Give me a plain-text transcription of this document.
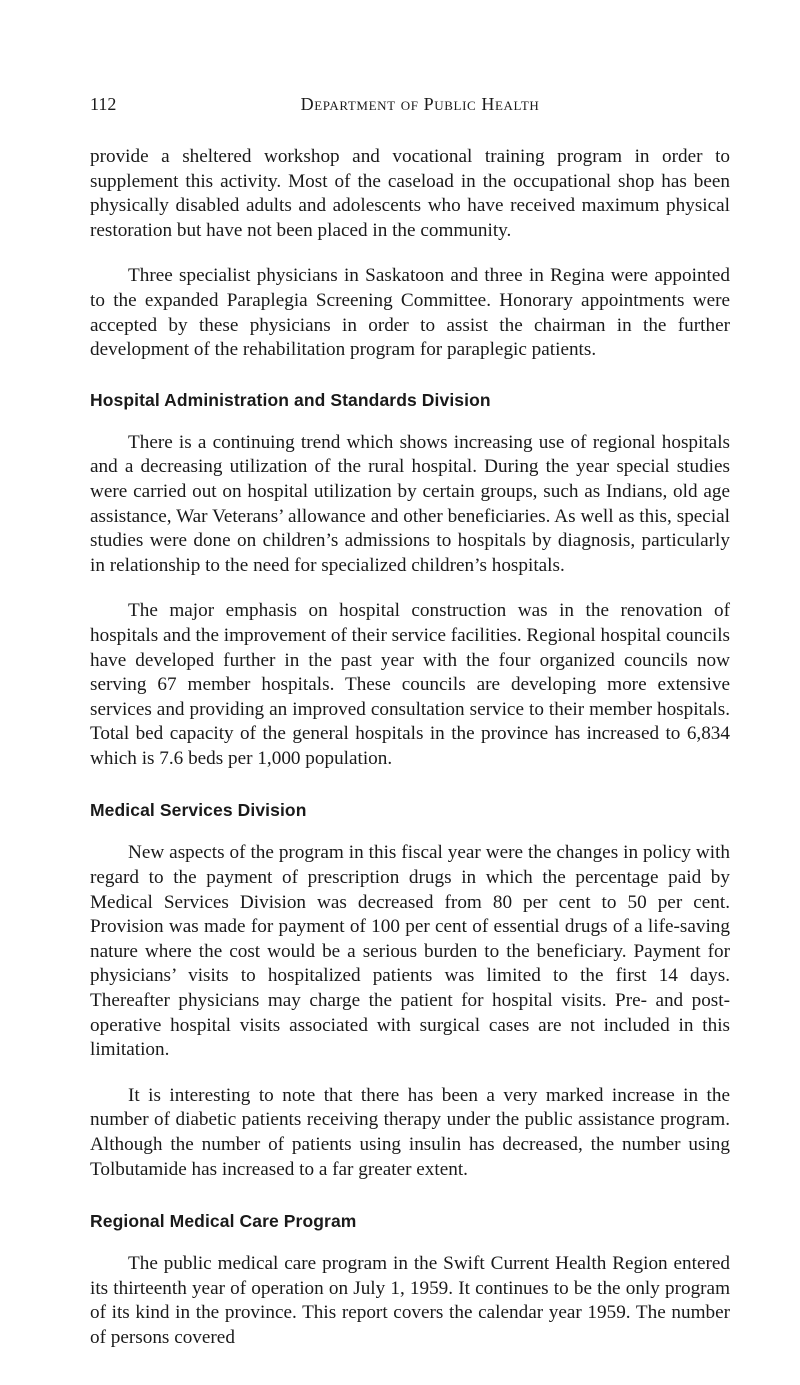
112	Department of Public Health

provide a sheltered workshop and vocational training program in order to supplement this activity. Most of the caseload in the occupational shop has been physically disabled adults and adolescents who have received maximum physical restoration but have not been placed in the community.

Three specialist physicians in Saskatoon and three in Regina were appointed to the expanded Paraplegia Screening Committee. Honorary appointments were accepted by these physicians in order to assist the chairman in the further development of the rehabilitation program for paraplegic patients.

Hospital Administration and Standards Division

There is a continuing trend which shows increasing use of regional hospitals and a decreasing utilization of the rural hospital. During the year special studies were carried out on hospital utilization by certain groups, such as Indians, old age assistance, War Veterans’ allowance and other beneficiaries. As well as this, special studies were done on children’s admissions to hospitals by diagnosis, particularly in relationship to the need for specialized children’s hospitals.

The major emphasis on hospital construction was in the renovation of hospitals and the improvement of their service facilities. Regional hospital councils have developed further in the past year with the four organized councils now serving 67 member hospitals. These councils are developing more extensive services and providing an improved consultation service to their member hospitals. Total bed capacity of the general hospitals in the province has increased to 6,834 which is 7.6 beds per 1,000 population.

Medical Services Division

New aspects of the program in this fiscal year were the changes in policy with regard to the payment of prescription drugs in which the percentage paid by Medical Services Division was decreased from 80 per cent to 50 per cent. Provision was made for payment of 100 per cent of essential drugs of a life-saving nature where the cost would be a serious burden to the beneficiary. Payment for physicians’ visits to hospitalized patients was limited to the first 14 days. Thereafter physicians may charge the patient for hospital visits. Pre- and post-operative hospital visits associated with surgical cases are not included in this limitation.

It is interesting to note that there has been a very marked increase in the number of diabetic patients receiving therapy under the public assistance program. Although the number of patients using insulin has decreased, the number using Tolbutamide has increased to a far greater extent.

Regional Medical Care Program

The public medical care program in the Swift Current Health Region entered its thirteenth year of operation on July 1, 1959. It continues to be the only program of its kind in the province. This report covers the calendar year 1959. The number of persons covered
